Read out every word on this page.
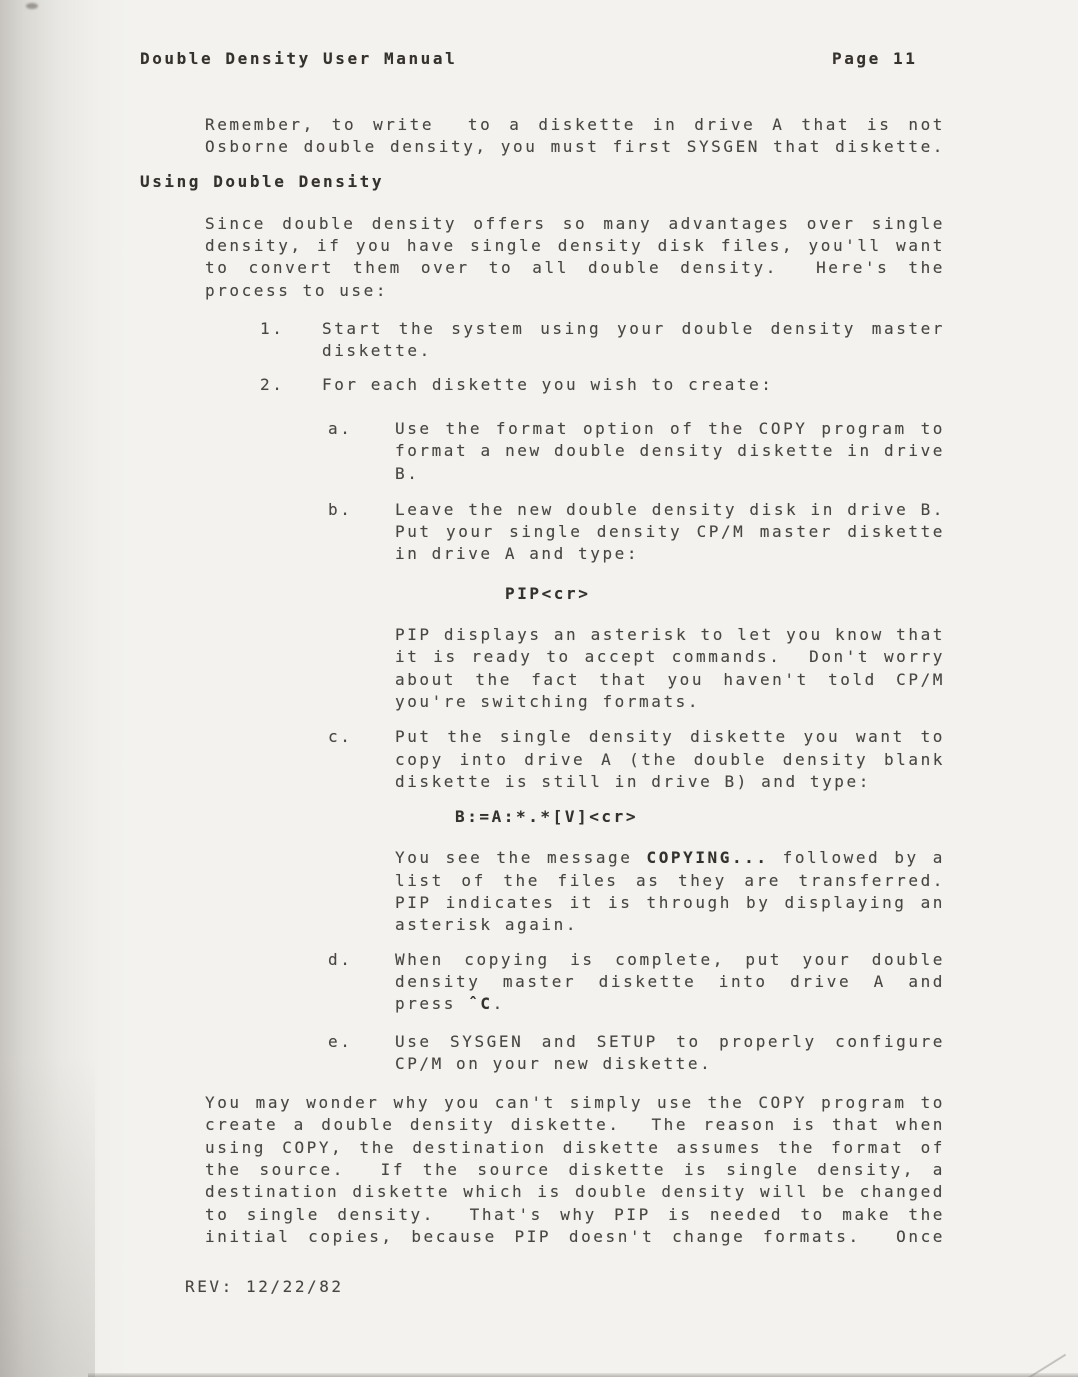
Double Density User Manual	Page 11
Remember, to write  to a diskette in drive A that is not
Osborne double density, you must first SYSGEN that diskette.
Using Double Density
Since double density offers so many advantages over single
density, if you have single density disk files, you'll want
to convert them over to all double density.  Here's the
process to use:
1. Start the system using your double density master
diskette.
2. For each diskette you wish to create:
a.	Use the format option of the COPY program to
format a new double density diskette in drive
B.
b.	Leave the new double density disk in drive B.
Put your single density CP/M master diskette
in drive A and type:
PIP<cr>
PIP displays an asterisk to let you know that
it is ready to accept commands.  Don't worry
about the fact that you haven't told CP/M
you're switching formats.
c.	Put the single density diskette you want to
copy into drive A (the double density blank
diskette is still in drive B) and type:
B:=A:*.*[V]<cr>
You see the message COPYING... followed by a
list of the files as they are transferred.
PIP indicates it is through by displaying an
asterisk again.
d.	When copying is complete, put your double
density master diskette into drive A and
press ˆC.
e.	Use SYSGEN and SETUP to properly configure
CP/M on your new diskette.
You may wonder why you can't simply use the COPY program to
create a double density diskette.  The reason is that when
using COPY, the destination diskette assumes the format of
the source.  If the source diskette is single density, a
destination diskette which is double density will be changed
to single density.  That's why PIP is needed to make the
initial copies, because PIP doesn't change formats.  Once
REV: 12/22/82
